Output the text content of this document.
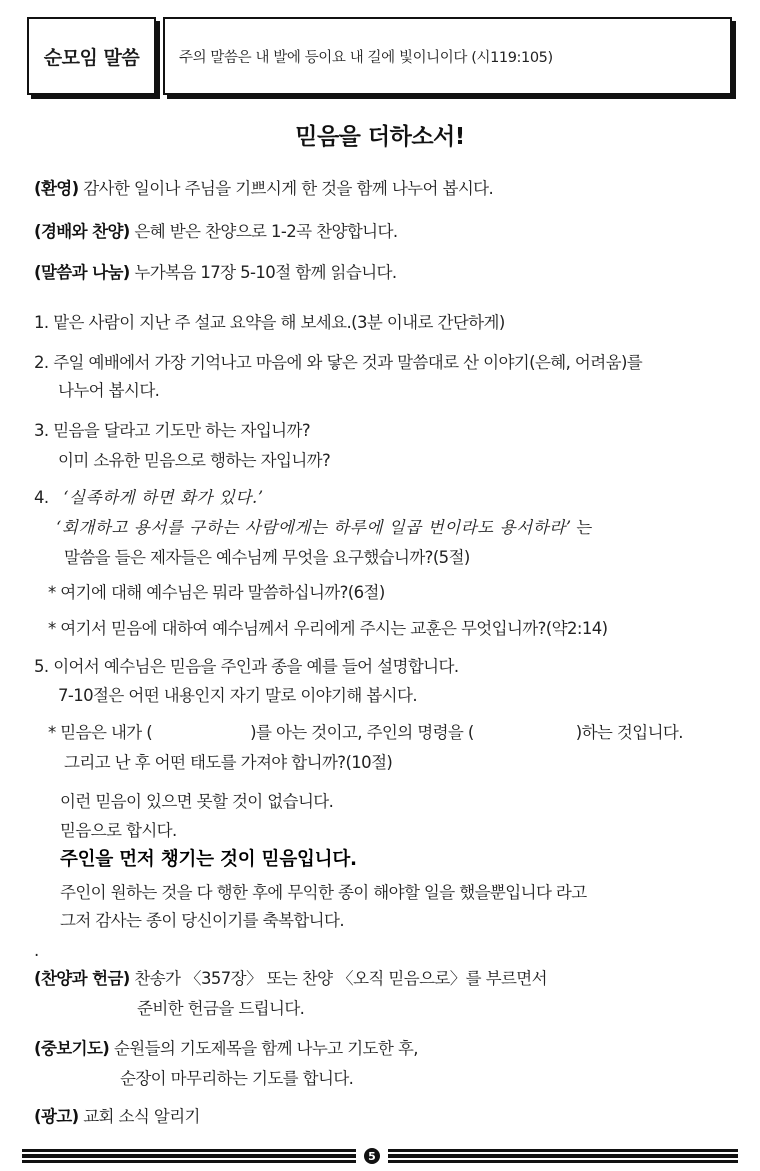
순모임 말씀	주의 말씀은 내 발에 등이요 내 길에 빛이니이다 (시119:105)
믿음을 더하소서!
(환영) 감사한 일이나 주님을 기쁘시게 한 것을 함께 나누어 봅시다.
(경배와 찬양) 은혜 받은 찬양으로 1-2곡 찬양합니다.
(말씀과 나눔) 누가복음 17장 5-10절 함께 읽습니다.
1. 맡은 사람이 지난 주 설교 요약을 해 보세요.(3분 이내로 간단하게)
2. 주일 예배에서 가장 기억나고 마음에 와 닿은 것과 말씀대로 산 이야기(은혜, 어려움)를
나누어 봅시다.
3. 믿음을 달라고 기도만 하는 자입니까?
이미 소유한 믿음으로 행하는 자입니까?
4. ‘실족하게 하면 화가 있다.’
‘회개하고 용서를 구하는 사람에게는 하루에 일곱 번이라도 용서하라’ 는
말씀을 들은 제자들은 예수님께 무엇을 요구했습니까?(5절)
* 여기에 대해 예수님은 뭐라 말씀하십니까?(6절)
* 여기서 믿음에 대하여 예수님께서 우리에게 주시는 교훈은 무엇입니까?(약2:14)
5. 이어서 예수님은 믿음을 주인과 종을 예를 들어 설명합니다.
7-10절은 어떤 내용인지 자기 말로 이야기해 봅시다.
* 믿음은 내가 (	)를 아는 것이고, 주인의 명령을 (	)하는 것입니다.
그리고 난 후 어떤 태도를 가져야 합니까?(10절)
이런 믿음이 있으면 못할 것이 없습니다.
믿음으로 합시다.
주인을 먼저 챙기는 것이 믿음입니다.
주인이 원하는 것을 다 행한 후에 무익한 종이 해야할 일을 했을뿐입니다 라고
그저 감사는 종이 당신이기를 축복합니다.
.
(찬양과 헌금) 찬송가 〈357장〉 또는 찬양 〈오직 믿음으로〉를 부르면서
준비한 헌금을 드립니다.
(중보기도) 순원들의 기도제목을 함께 나누고 기도한 후,
순장이 마무리하는 기도를 합니다.
(광고) 교회 소식 알리기
5
